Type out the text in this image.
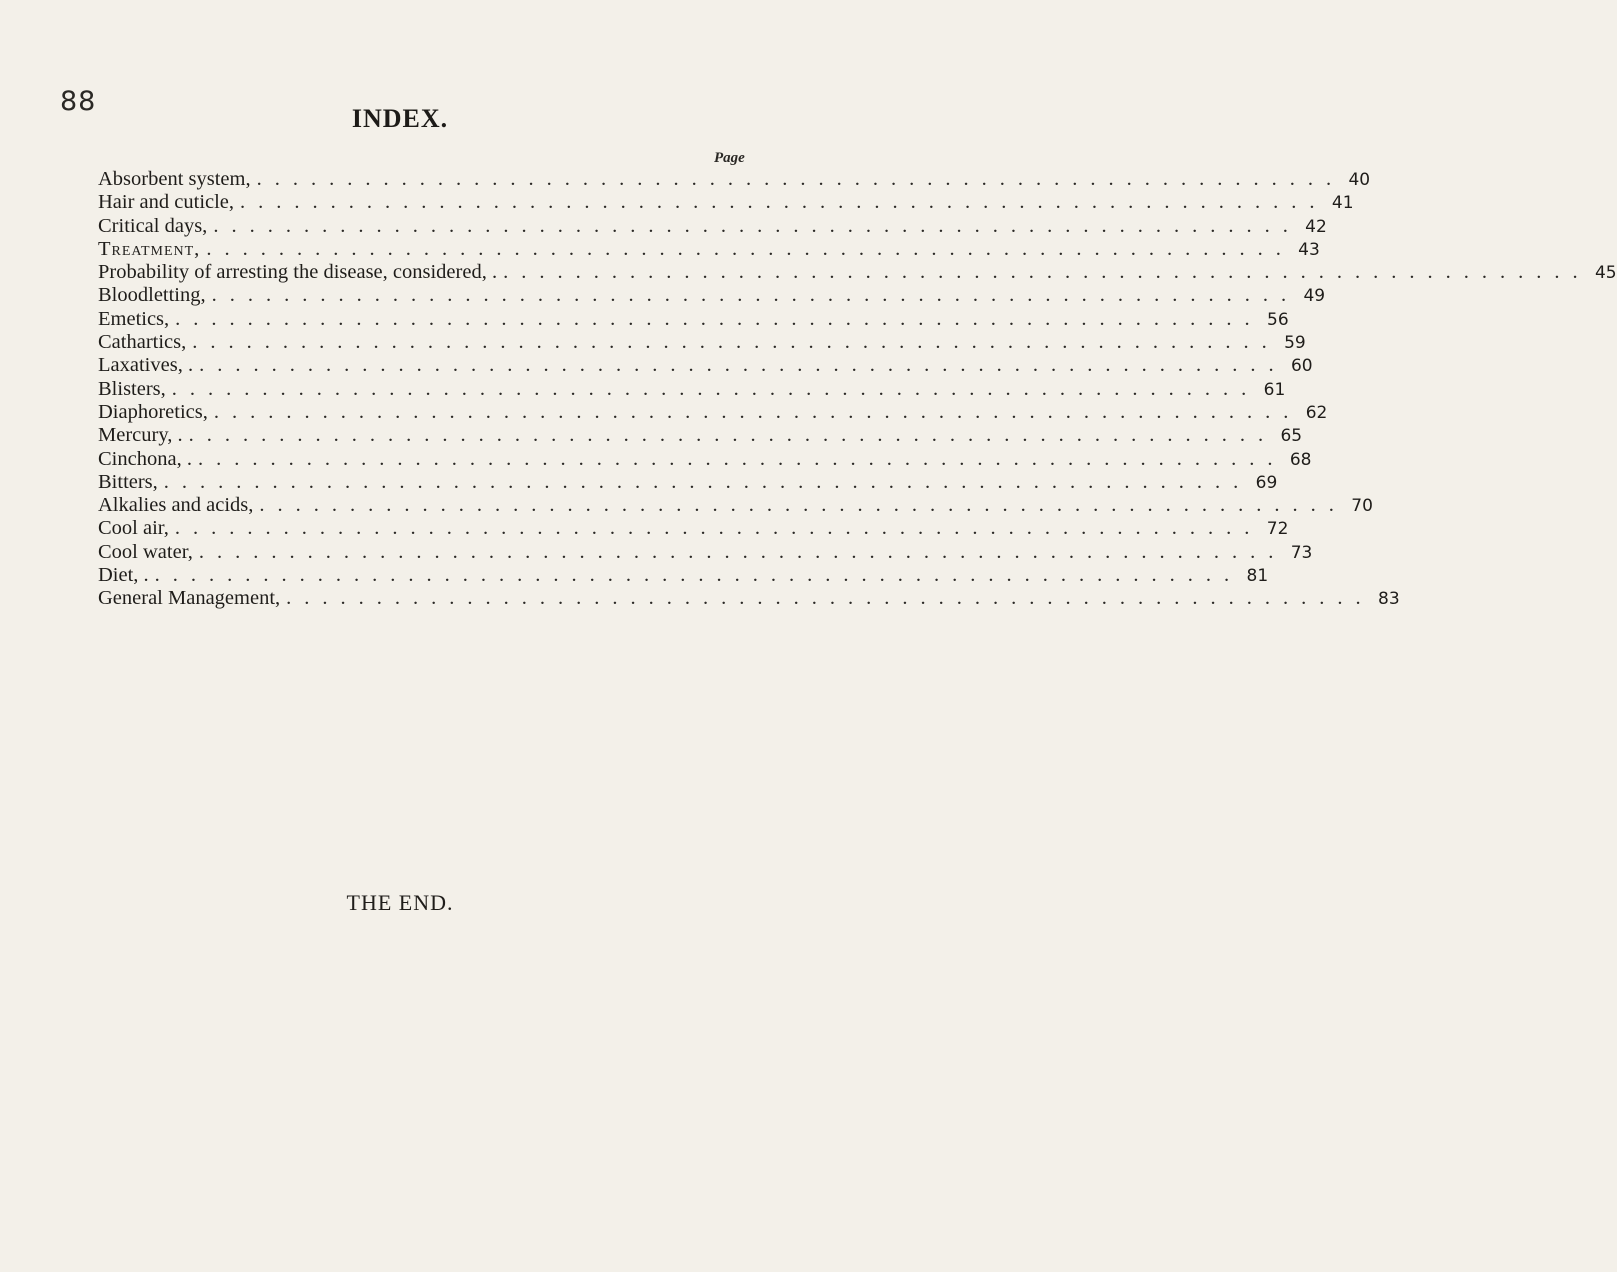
88
INDEX.
Page
Absorbent system, ............................................................ 40
Hair and cuticle, ............................................................ 41
Critical days, ............................................................ 42
Treatment, ............................................................ 43
Probability of arresting the disease, considered, . ............................................................ 45
Bloodletting, ............................................................ 49
Emetics, ............................................................ 56
Cathartics, ............................................................ 59
Laxatives, . ............................................................ 60
Blisters, ............................................................ 61
Diaphoretics, ............................................................ 62
Mercury, . ............................................................ 65
Cinchona, . ............................................................ 68
Bitters, ............................................................ 69
Alkalies and acids, ............................................................ 70
Cool air, ............................................................ 72
Cool water, ............................................................ 73
Diet, . ............................................................ 81
General Management, ............................................................ 83
THE END.
